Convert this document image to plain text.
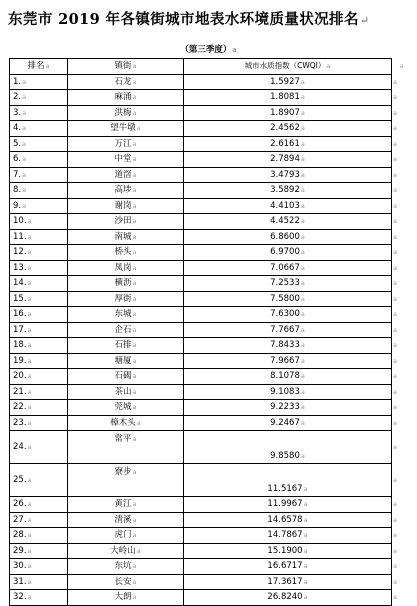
东莞市 2019 年各镇街城市地表水环境质量状况排名↵
（第三季度）a
排名a	镇街a	城市水质指数（CWQI）a	a
1.a	石龙a	1.5927a	a
2.a	麻涌a	1.8081a	a
3.a	洪梅a	1.8907a	a
4.a	望牛墩a	2.4562a	a
5.a	万江a	2.6161a	a
6.a	中堂a	2.7894a	a
7.a	道滘a	3.4793a	a
8.a	高埗a	3.5892a	a
9.a	谢岗a	4.4103a	a
10.a	沙田a	4.4522a	a
11.a	南城a	6.8600a	a
12.a	桥头a	6.9700a	a
13.a	凤岗a	7.0667a	a
14.a	横沥a	7.2533a	a
15.a	厚街a	7.5800a	a
16.a	东城a	7.6300a	a
17.a	企石a	7.7667a	a
18.a	石排a	7.8433a	a
19.a	塘厦a	7.9667a	a
20.a	石碣a	8.1078a	a
21.a	茶山a	9.1083a	a
22.a	莞城a	9.2233a	a
23.a	樟木头a	9.2467a	a
24.a	常平a	9.8580a	a
25.a	寮步a	11.5167a	a
26.a	黄江a	11.9967a	a
27.a	清溪a	14.6578a	a
28.a	虎门a	14.7867a	a
29.a	大岭山a	15.1900a	a
30.a	东坑a	16.6717a	a
31.a	长安a	17.3617a	a
32.a	大朗a	26.8240a	a
